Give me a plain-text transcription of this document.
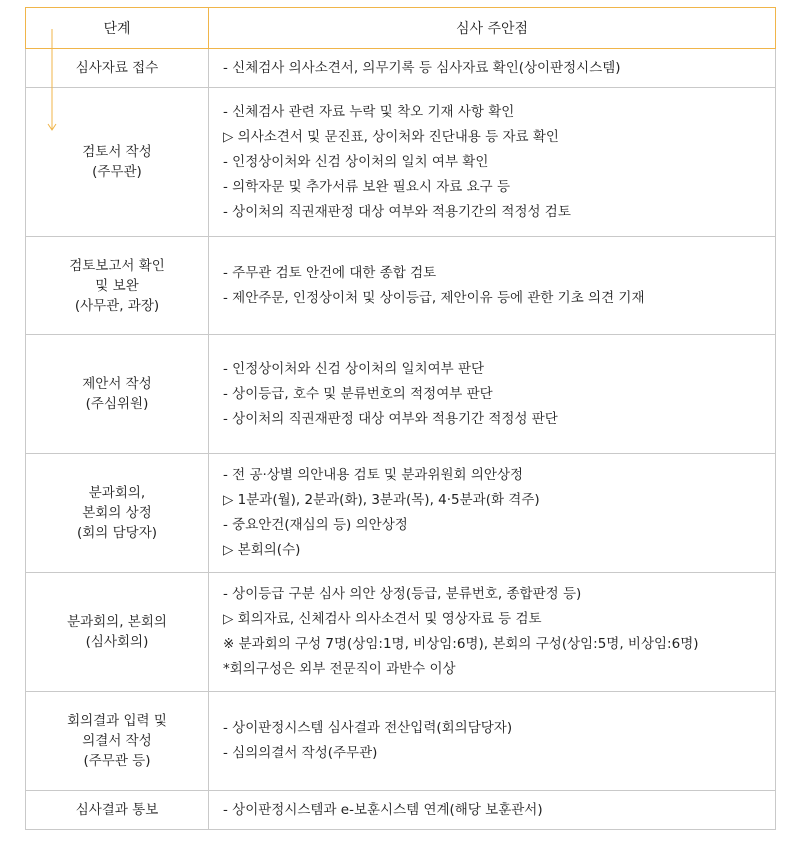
단계	심사 주안점

심사자료 접수	- 신체검사 의사소견서, 의무기록 등 심사자료 확인(상이판정시스템)

검토서 작성
(주무관)	- 신체검사 관련 자료 누락 및 착오 기재 사항 확인
▷ 의사소견서 및 문진표, 상이처와 진단내용 등 자료 확인
- 인정상이처와 신검 상이처의 일치 여부 확인
- 의학자문 및 추가서류 보완 필요시 자료 요구 등
- 상이처의 직권재판정 대상 여부와 적용기간의 적정성 검토

검토보고서 확인
및 보완
(사무관, 과장)	- 주무관 검토 안건에 대한 종합 검토
- 제안주문, 인정상이처 및 상이등급, 제안이유 등에 관한 기초 의견 기재

제안서 작성
(주심위원)	- 인정상이처와 신검 상이처의 일치여부 판단
- 상이등급, 호수 및 분류번호의 적정여부 판단
- 상이처의 직권재판정 대상 여부와 적용기간 적정성 판단

분과회의,
본회의 상정
(회의 담당자)	- 전 공·상별 의안내용 검토 및 분과위원회 의안상정
▷ 1분과(월), 2분과(화), 3분과(목), 4·5분과(화 격주)
- 중요안건(재심의 등) 의안상정
▷ 본회의(수)

분과회의, 본회의
(심사회의)	- 상이등급 구분 심사 의안 상정(등급, 분류번호, 종합판정 등)
▷ 회의자료, 신체검사 의사소견서 및 영상자료 등 검토
※ 분과회의 구성 7명(상임:1명, 비상임:6명), 본회의 구성(상임:5명, 비상임:6명)
*회의구성은 외부 전문직이 과반수 이상

회의결과 입력 및
의결서 작성
(주무관 등)	- 상이판정시스템 심사결과 전산입력(회의담당자)
- 심의의결서 작성(주무관)

심사결과 통보	- 상이판정시스템과 e-보훈시스템 연계(해당 보훈관서)
